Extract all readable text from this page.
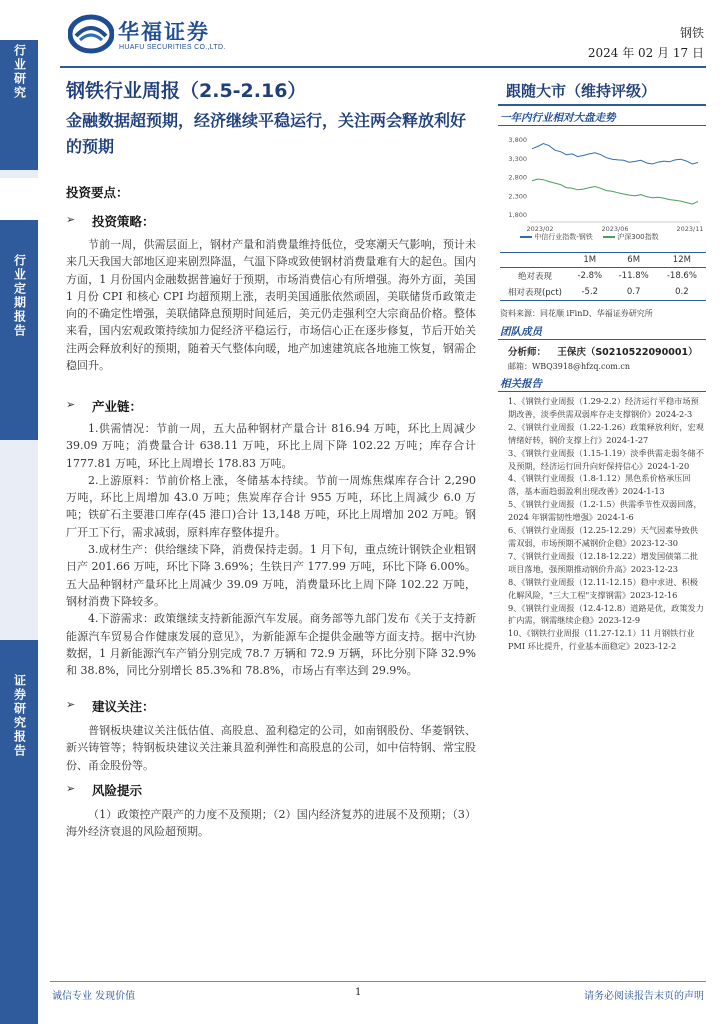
行业研究
行业定期报告
证券研究报告
华福证券
HUAFU SECURITIES CO.,LTD.
钢铁
2024 年 02 月 17 日
钢铁行业周报（2.5-2.16）
金融数据超预期，经济继续平稳运行，关注两会释放利好的预期
投资要点：
➢ 投资策略：
节前一周，供需层面上，钢材产量和消费量维持低位，受寒潮天气影响，预计未来几天我国大部地区迎来剧烈降温，气温下降或致使钢材消费量难有大的起色。国内方面，1 月份国内金融数据普遍好于预期，市场消费信心有所增强。海外方面，美国 1 月份 CPI 和核心 CPI 均超预期上涨，表明美国通胀依然顽固，美联储货币政策走向的不确定性增强，美联储降息预期时间延后，美元仍走强利空大宗商品价格。整体来看，国内宏观政策持续加力促经济平稳运行，市场信心正在逐步修复，节后开始关注两会释放利好的预期，随着天气整体向暖，地产加速建筑底各地施工恢复，钢需企稳回升。
➢ 产业链：
1.供需情况：节前一周，五大品种钢材产量合计 816.94 万吨，环比上周减少 39.09 万吨；消费量合计 638.11 万吨，环比上周下降 102.22 万吨；库存合计 1777.81 万吨，环比上周增长 178.83 万吨。
2.上游原料：节前价格上涨，冬储基本持续。节前一周炼焦煤库存合计 2,290 万吨，环比上周增加 43.0 万吨；焦炭库存合计 955 万吨，环比上周减少 6.0 万吨；铁矿石主要港口库存(45 港口)合计 13,148 万吨，环比上周增加 202 万吨。钢厂开工下行，需求减弱，原料库存整体提升。
3.成材生产：供给继续下降，消费保持走弱。1 月下旬，重点统计钢铁企业粗钢日产 201.66 万吨，环比下降 3.69%；生铁日产 177.99 万吨，环比下降 6.00%。五大品种钢材产量环比上周减少 39.09 万吨，消费量环比上周下降 102.22 万吨，钢材消费下降较多。
4.下游需求：政策继续支持新能源汽车发展。商务部等九部门发布《关于支持新能源汽车贸易合作健康发展的意见》，为新能源车企提供金融等方面支持。据中汽协数据，1 月新能源汽车产销分别完成 78.7 万辆和 72.9 万辆，环比分别下降 32.9%和 38.8%，同比分别增长 85.3%和 78.8%，市场占有率达到 29.9%。
➢ 建议关注：
普钢板块建议关注低估值、高股息、盈利稳定的公司，如南钢股份、华菱钢铁、新兴铸管等；特钢板块建议关注兼具盈利弹性和高股息的公司，如中信特钢、常宝股份、甬金股份等。
➢ 风险提示
（1）政策控产限产的力度不及预期；（2）国内经济复苏的进展不及预期；（3）海外经济衰退的风险超预期。
跟随大市（维持评级）
一年内行业相对大盘走势
1,800
2,300
2,800
3,300
3,800
2023/02	2023/06	2023/11
中信行业指数-钢铁	沪深300指数
	1M	6M	12M
绝对表现	-2.8%	-11.8%	-18.6%
相对表现(pct)	-5.2	0.7	0.2
资料来源：同花顺 iFinD、华福证券研究所
团队成员
分析师： 王保庆（S0210522090001）
邮箱：WBQ3918@hfzq.com.cn
相关报告
1、《钢铁行业周报（1.29-2.2）经济运行平稳市场预期改善，淡季供需双弱库存走支撑钢价》2024-2-3
2、《钢铁行业周报（1.22-1.26）政策释放利好，宏观情绪好转，钢价支撑上行》2024-1-27
3、《钢铁行业周报（1.15-1.19）淡季供需走弱冬储不及预期，经济运行回升向好保持信心》2024-1-20
4、《钢铁行业周报（1.8-1.12）黑色系价格承压回落，基本面趋弱盈利出现改善》2024-1-13
5、《钢铁行业周报（1.2-1.5）供需季节性双弱回落，2024 年钢需韧性增强》2024-1-6
6、《钢铁行业周报（12.25-12.29）天气因素导致供需双弱，市场预期不减钢价企稳》2023-12-30
7、《钢铁行业周报（12.18-12.22）增发国债第二批项目落地，强预期推动钢价升高》2023-12-23
8、《钢铁行业周报（12.11-12.15）稳中求进、积极化解风险，"三大工程"支撑钢需》2023-12-16
9、《钢铁行业周报（12.4-12.8）道路是优，政策发力扩内需，钢需继续企稳》2023-12-9
10、《钢铁行业周报（11.27-12.1）11 月钢铁行业 PMI 环比提升，行业基本面稳定》2023-12-2
诚信专业 发现价值	1	请务必阅读报告末页的声明
